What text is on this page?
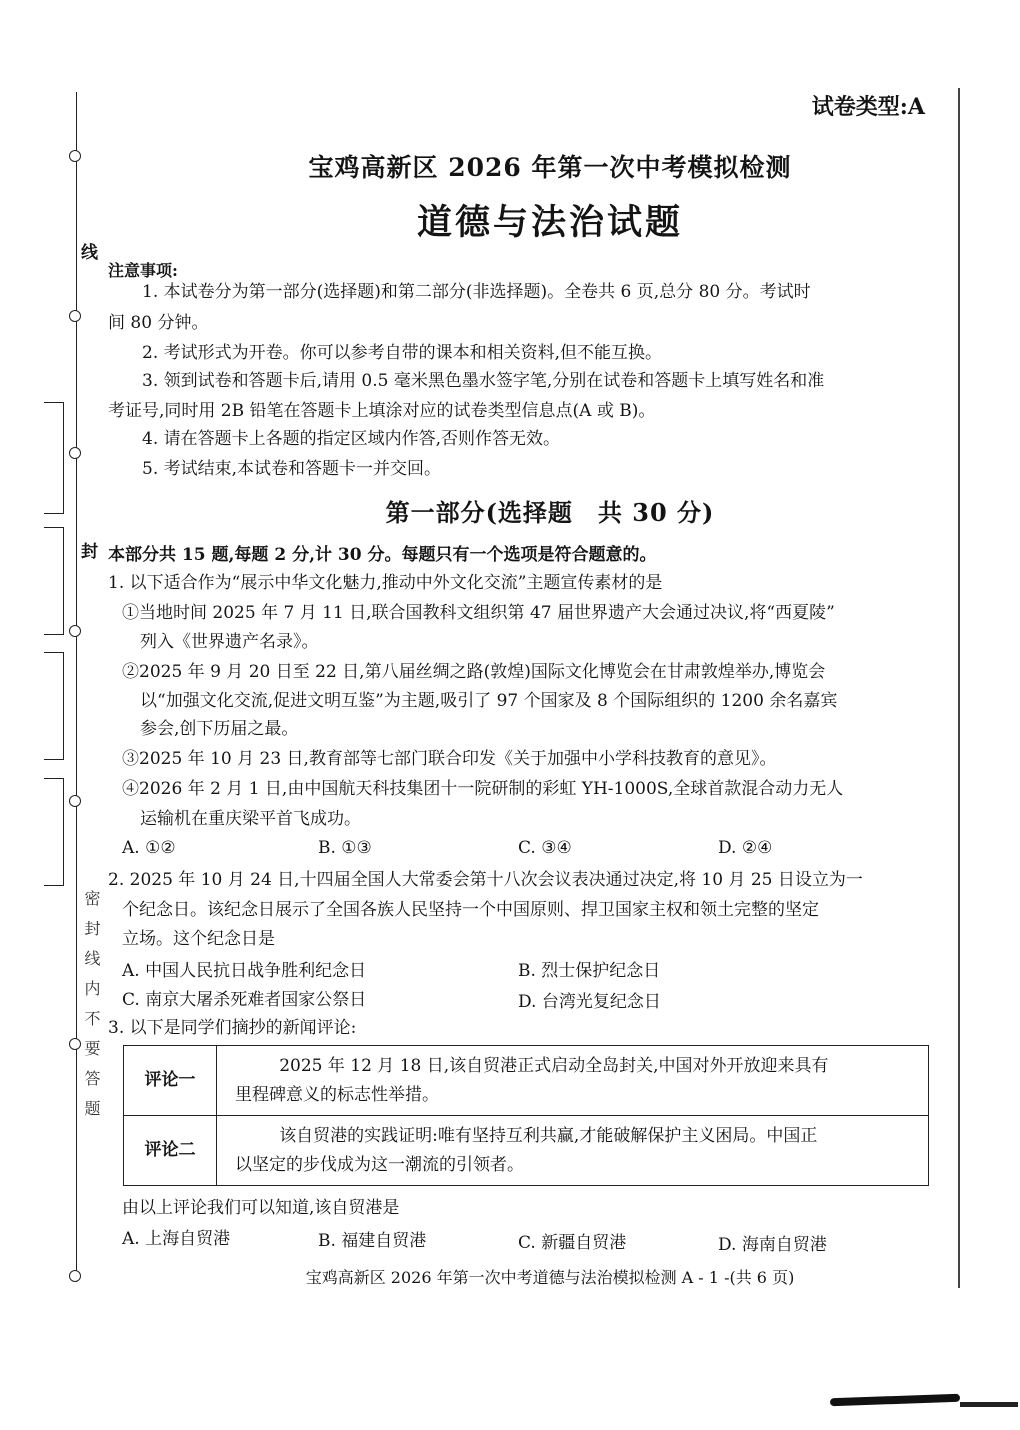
线
封
密封线内不要答题
试卷类型:A
宝鸡高新区 2026 年第一次中考模拟检测
道德与法治试题
注意事项:
1. 本试卷分为第一部分(选择题)和第二部分(非选择题)。全卷共 6 页,总分 80 分。考试时
间 80 分钟。
2. 考试形式为开卷。你可以参考自带的课本和相关资料,但不能互换。
3. 领到试卷和答题卡后,请用 0.5 毫米黑色墨水签字笔,分别在试卷和答题卡上填写姓名和准
考证号,同时用 2B 铅笔在答题卡上填涂对应的试卷类型信息点(A 或 B)。
4. 请在答题卡上各题的指定区域内作答,否则作答无效。
5. 考试结束,本试卷和答题卡一并交回。
第一部分(选择题　共 30 分)
本部分共 15 题,每题 2 分,计 30 分。每题只有一个选项是符合题意的。
1. 以下适合作为“展示中华文化魅力,推动中外文化交流”主题宣传素材的是
①当地时间 2025 年 7 月 11 日,联合国教科文组织第 47 届世界遗产大会通过决议,将“西夏陵”
列入《世界遗产名录》。
②2025 年 9 月 20 日至 22 日,第八届丝绸之路(敦煌)国际文化博览会在甘肃敦煌举办,博览会
以“加强文化交流,促进文明互鉴”为主题,吸引了 97 个国家及 8 个国际组织的 1200 余名嘉宾
参会,创下历届之最。
③2025 年 10 月 23 日,教育部等七部门联合印发《关于加强中小学科技教育的意见》。
④2026 年 2 月 1 日,由中国航天科技集团十一院研制的彩虹 YH-1000S,全球首款混合动力无人
运输机在重庆梁平首飞成功。
A. ①②	B. ①③	C. ③④	D. ②④
2. 2025 年 10 月 24 日,十四届全国人大常委会第十八次会议表决通过决定,将 10 月 25 日设立为一
个纪念日。该纪念日展示了全国各族人民坚持一个中国原则、捍卫国家主权和领土完整的坚定
立场。这个纪念日是
A. 中国人民抗日战争胜利纪念日	B. 烈士保护纪念日
C. 南京大屠杀死难者国家公祭日	D. 台湾光复纪念日
3. 以下是同学们摘抄的新闻评论:
评论一	2025 年 12 月 18 日,该自贸港正式启动全岛封关,中国对外开放迎来具有
里程碑意义的标志性举措。
评论二	该自贸港的实践证明:唯有坚持互利共赢,才能破解保护主义困局。中国正
以坚定的步伐成为这一潮流的引领者。
由以上评论我们可以知道,该自贸港是
A. 上海自贸港	B. 福建自贸港	C. 新疆自贸港	D. 海南自贸港
宝鸡高新区 2026 年第一次中考道德与法治模拟检测 A - 1 -(共 6 页)
